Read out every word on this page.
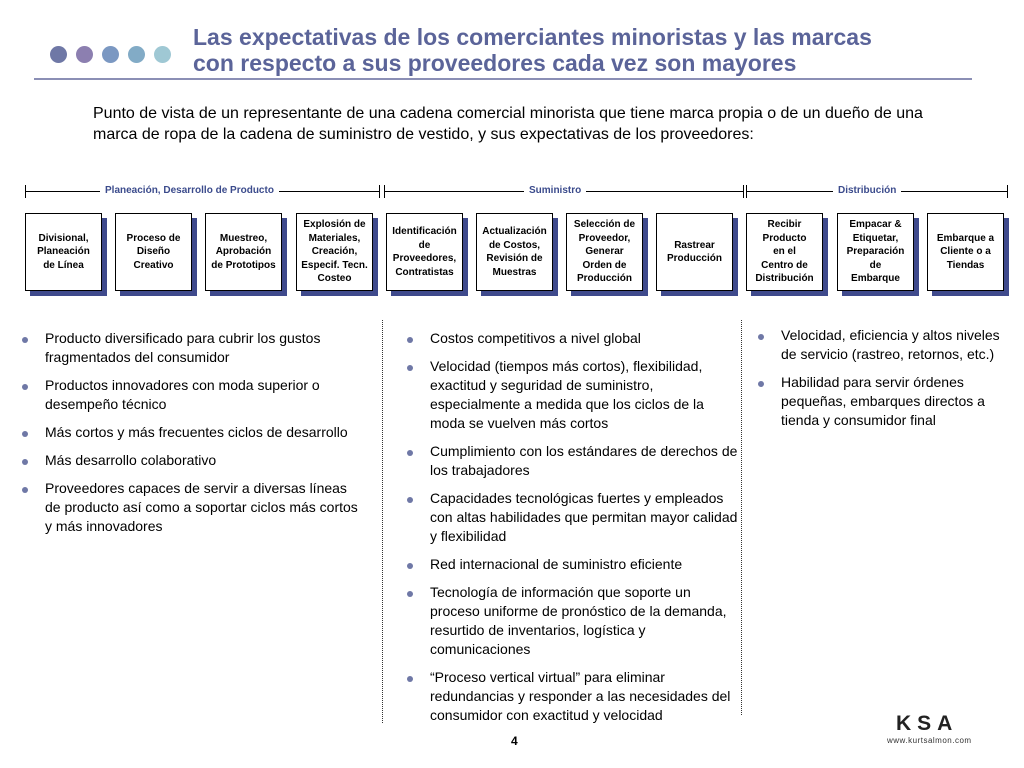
Las expectativas de los comerciantes minoristas y las marcas
con respecto a sus proveedores cada vez son mayores

Punto de vista de un representante de una cadena comercial minorista que tiene marca propia o de un dueño de una marca de ropa de la cadena de suministro de vestido, y sus expectativas de los proveedores:

Planeación, Desarrollo de Producto	Suministro	Distribución
Divisional,
Planeación
de Línea
Proceso de
Diseño
Creativo
Muestreo,
Aprobación
de Prototipos
Explosión de
Materiales,
Creación,
Especif. Tecn.
Costeo
Identificación
de
Proveedores,
Contratistas
Actualización
de Costos,
Revisión de
Muestras
Selección de
Proveedor,
Generar
Orden de
Producción
Rastrear
Producción
Recibir
Producto
en el
Centro de
Distribución
Empacar &
Etiquetar,
Preparación
de
Embarque
Embarque a
Cliente o a
Tiendas
Producto diversificado para cubrir los gustos fragmentados del consumidor
Productos innovadores con moda superior o desempeño técnico
Más cortos y más frecuentes ciclos de desarrollo
Más desarrollo colaborativo
Proveedores capaces de servir a diversas líneas de producto así como a soportar ciclos más cortos y más innovadores
Costos competitivos a nivel global
Velocidad (tiempos más cortos), flexibilidad, exactitud y seguridad de suministro, especialmente a medida que los ciclos de la moda se vuelven más cortos
Cumplimiento con los estándares de derechos de los trabajadores
Capacidades tecnológicas fuertes y empleados con altas habilidades que permitan mayor calidad y flexibilidad
Red internacional de suministro eficiente
Tecnología de información que soporte un proceso uniforme de pronóstico de la demanda, resurtido de inventarios, logística y comunicaciones
“Proceso vertical virtual” para eliminar redundancias y responder a las necesidades del consumidor con exactitud y velocidad
Velocidad, eficiencia y altos niveles de servicio (rastreo, retornos, etc.)
Habilidad para servir órdenes pequeñas, embarques directos a tienda y consumidor final
4
KSA
www.kurtsalmon.com
